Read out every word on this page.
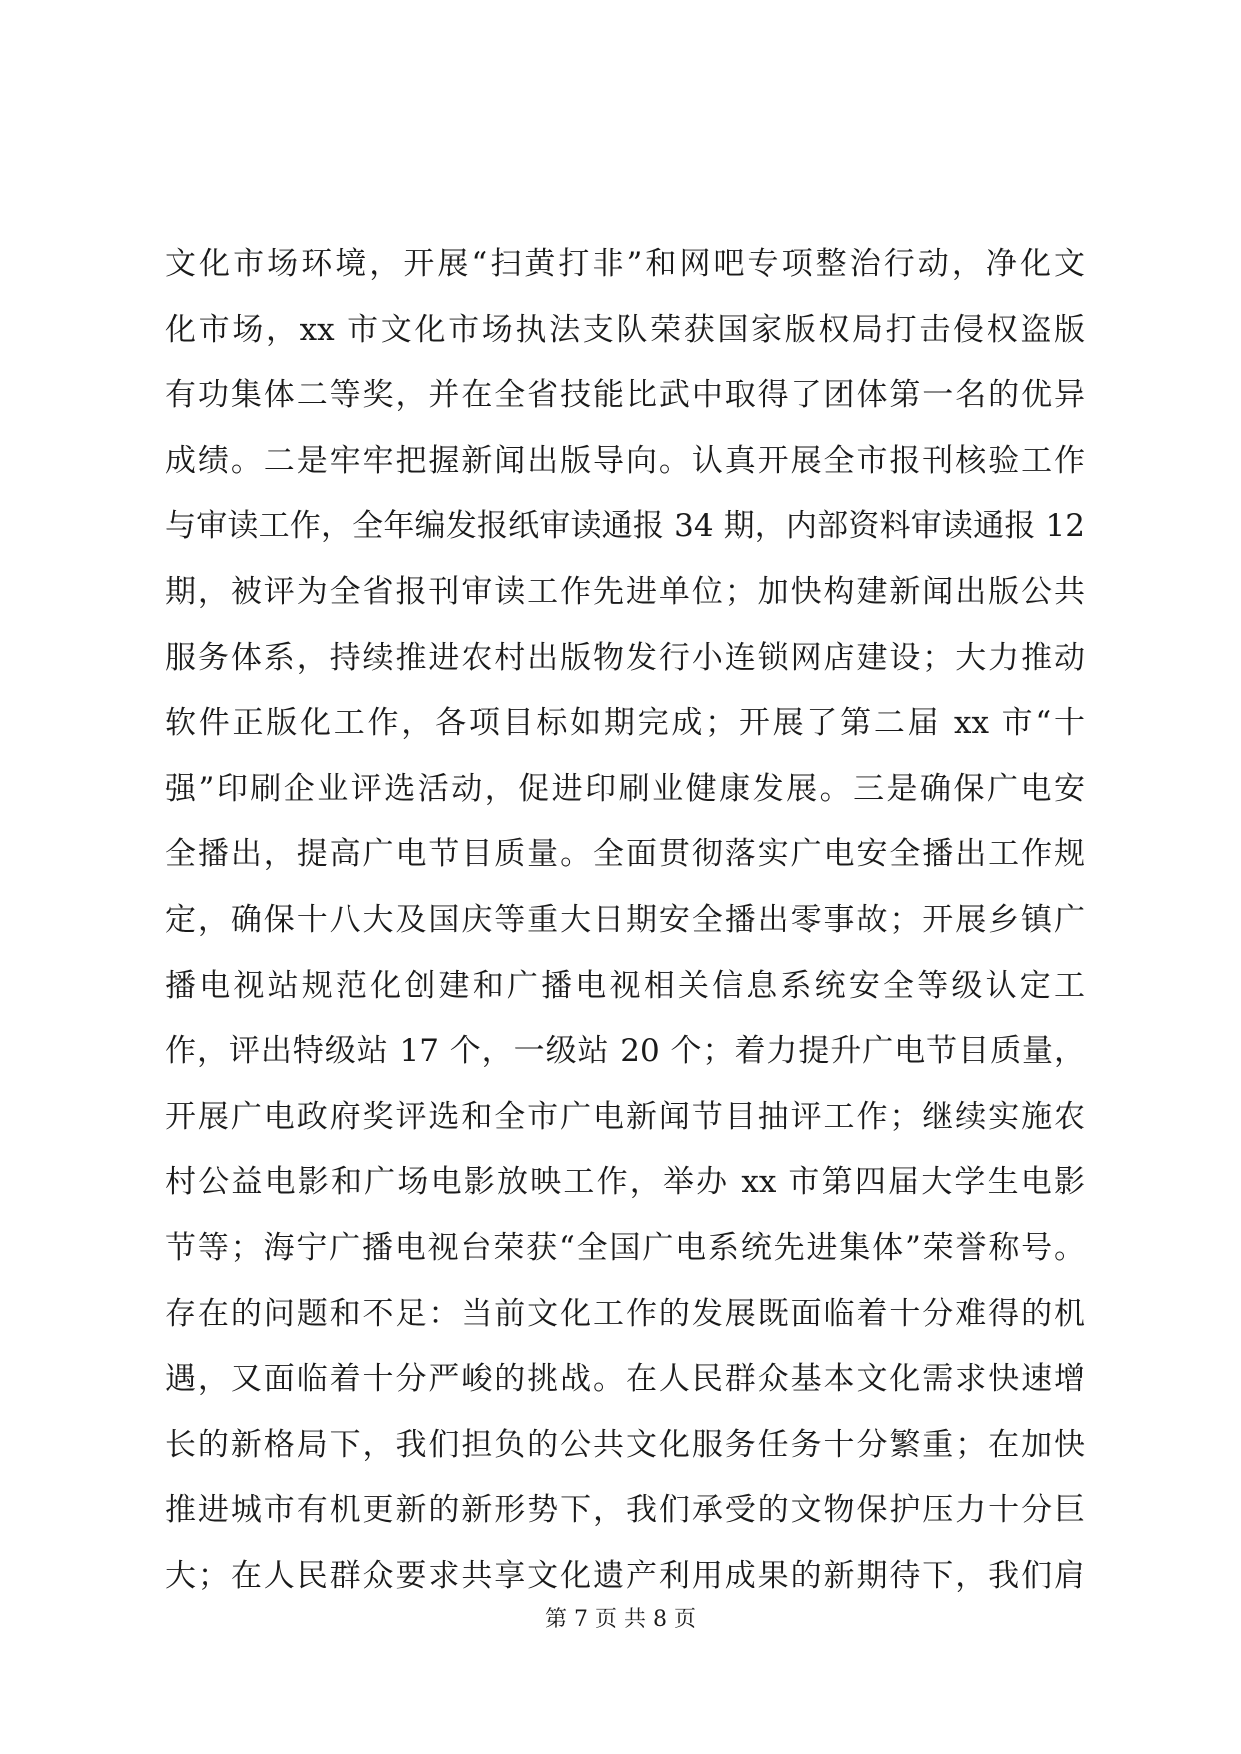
文化市场环境，开展“扫黄打非”和网吧专项整治行动，净化文
化市场，xx 市文化市场执法支队荣获国家版权局打击侵权盗版
有功集体二等奖，并在全省技能比武中取得了团体第一名的优异
成绩。二是牢牢把握新闻出版导向。认真开展全市报刊核验工作
与审读工作，全年编发报纸审读通报 34 期，内部资料审读通报 12
期，被评为全省报刊审读工作先进单位；加快构建新闻出版公共
服务体系，持续推进农村出版物发行小连锁网店建设；大力推动
软件正版化工作，各项目标如期完成；开展了第二届 xx 市“十
强”印刷企业评选活动，促进印刷业健康发展。三是确保广电安
全播出，提高广电节目质量。全面贯彻落实广电安全播出工作规
定，确保十八大及国庆等重大日期安全播出零事故；开展乡镇广
播电视站规范化创建和广播电视相关信息系统安全等级认定工
作，评出特级站 17 个，一级站 20 个；着力提升广电节目质量，
开展广电政府奖评选和全市广电新闻节目抽评工作；继续实施农
村公益电影和广场电影放映工作，举办 xx 市第四届大学生电影
节等；海宁广播电视台荣获“全国广电系统先进集体”荣誉称号。
存在的问题和不足：当前文化工作的发展既面临着十分难得的机
遇，又面临着十分严峻的挑战。在人民群众基本文化需求快速增
长的新格局下，我们担负的公共文化服务任务十分繁重；在加快
推进城市有机更新的新形势下，我们承受的文物保护压力十分巨
大；在人民群众要求共享文化遗产利用成果的新期待下，我们肩
第 7 页 共 8 页
